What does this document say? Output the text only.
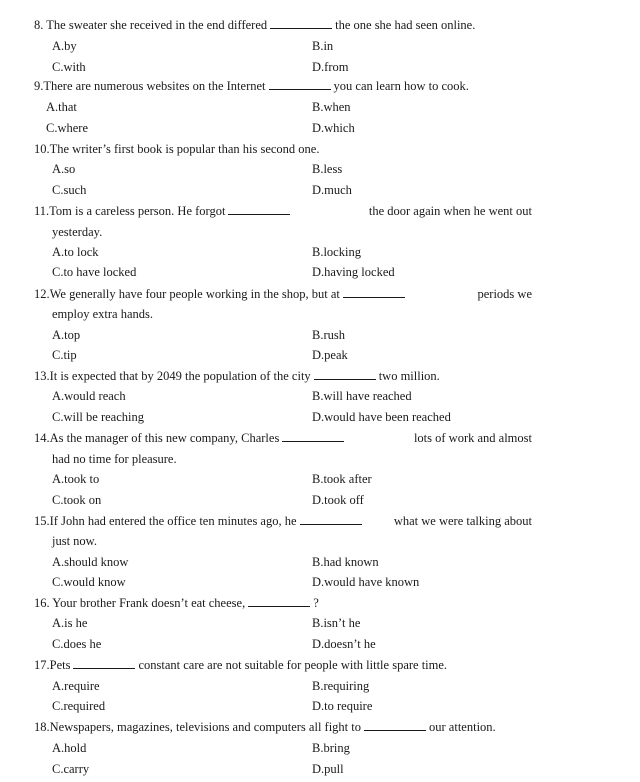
8. The sweater she received in the end differed	the one she had seen online.
A.by	B.in
C.with	D.from
9.There are numerous websites on the Internet	you can learn how to cook.
A.that	B.when
C.where	D.which
10.The writer’s first book is popular than his second one.
A.so	B.less
C.such	D.much
11.Tom is a careless person. He forgot	the door again when he went out
yesterday.
A.to lock	B.locking
C.to have locked	D.having locked
12.We generally have four people working in the shop, but at	periods we
employ extra hands.
A.top	B.rush
C.tip	D.peak
13.It is expected that by 2049 the population of the city	two million.
A.would reach	B.will have reached
C.will be reaching	D.would have been reached
14.As the manager of this new company, Charles	lots of work and almost
had no time for pleasure.
A.took to	B.took after
C.took on	D.took off
15.If John had entered the office ten minutes ago, he	what we were talking about
just now.
A.should know	B.had known
C.would know	D.would have known
16. Your brother Frank doesn’t eat cheese,	?
A.is he	B.isn’t he
C.does he	D.doesn’t he
17.Pets	constant care are not suitable for people with little spare time.
A.require	B.requiring
C.required	D.to require
18.Newspapers, magazines, televisions and computers all fight to	our attention.
A.hold	B.bring
C.carry	D.pull
